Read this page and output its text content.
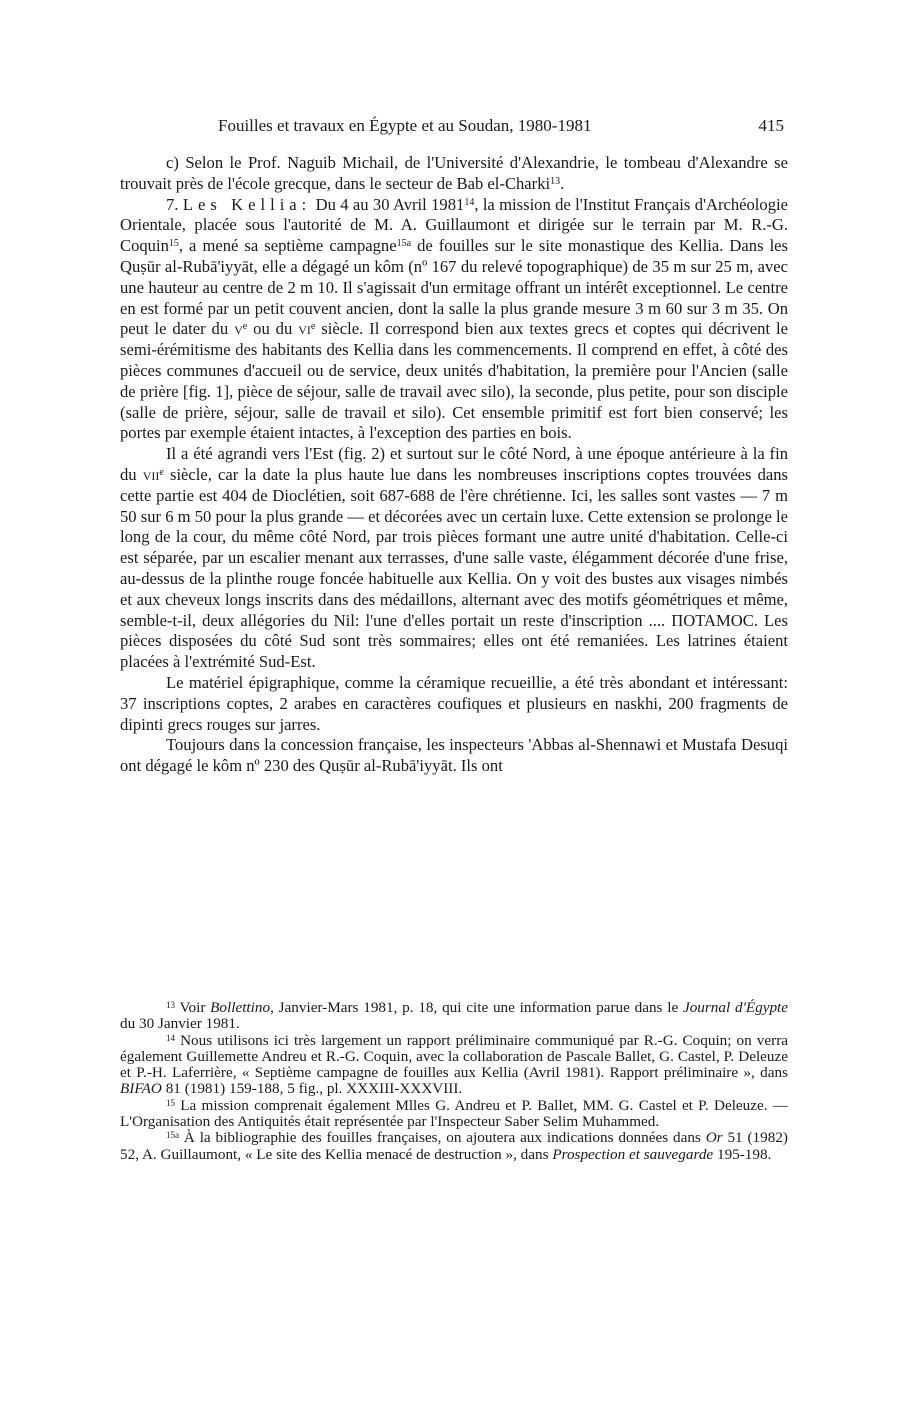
Fouilles et travaux en Égypte et au Soudan, 1980-1981	415

c) Selon le Prof. Naguib Michail, de l'Université d'Alexandrie, le tombeau d'Alexandre se trouvait près de l'école grecque, dans le secteur de Bab el-Charki$^{13}$.

7. Les Kellia: Du 4 au 30 Avril 1981$^{14}$, la mission de l'Institut Français d'Archéologie Orientale, placée sous l'autorité de M. A. Guillaumont et dirigée sur le terrain par M. R.-G. Coquin$^{15}$, a mené sa septième campagne$^{15a}$ de fouilles sur le site monastique des Kellia. Dans les Quṣūr al-Rubā'iyyāt, elle a dégagé un kôm (nº 167 du relevé topographique) de 35 m sur 25 m, avec une hauteur au centre de 2 m 10. Il s'agissait d'un ermitage offrant un intérêt exceptionnel. Le centre en est formé par un petit couvent ancien, dont la salle la plus grande mesure 3 m 60 sur 3 m 35. On peut le dater du $v^e$ ou du $vi^e$ siècle. Il correspond bien aux textes grecs et coptes qui décrivent le semi-érémitisme des habitants des Kellia dans les commencements. Il comprend en effet, à côté des pièces communes d'accueil ou de service, deux unités d'habitation, la première pour l'Ancien (salle de prière [fig. 1], pièce de séjour, salle de travail avec silo), la seconde, plus petite, pour son disciple (salle de prière, séjour, salle de travail et silo). Cet ensemble primitif est fort bien conservé; les portes par exemple étaient intactes, à l'exception des parties en bois.

Il a été agrandi vers l'Est (fig. 2) et surtout sur le côté Nord, à une époque antérieure à la fin du vii$^e$ siècle, car la date la plus haute lue dans les nombreuses inscriptions coptes trouvées dans cette partie est 404 de Dioclétien, soit 687-688 de l'ère chrétienne. Ici, les salles sont vastes — 7 m 50 sur 6 m 50 pour la plus grande — et décorées avec un certain luxe. Cette extension se prolonge le long de la cour, du même côté Nord, par trois pièces formant une autre unité d'habitation. Celle-ci est séparée, par un escalier menant aux terrasses, d'une salle vaste, élégamment décorée d'une frise, au-dessus de la plinthe rouge foncée habituelle aux Kellia. On y voit des bustes aux visages nimbés et aux cheveux longs inscrits dans des médaillons, alternant avec des motifs géométriques et même, semble-t-il, deux allégories du Nil: l'une d'elles portait un reste d'inscription .... ΠΟΤΑΜΟC. Les pièces disposées du côté Sud sont très sommaires; elles ont été remaniées. Les latrines étaient placées à l'extrémité Sud-Est.

Le matériel épigraphique, comme la céramique recueillie, a été très abondant et intéressant: 37 inscriptions coptes, 2 arabes en caractères coufiques et plusieurs en naskhi, 200 fragments de dipinti grecs rouges sur jarres.

Toujours dans la concession française, les inspecteurs 'Abbas al-Shennawi et Mustafa Desuqi ont dégagé le kôm nº 230 des Quṣūr al-Rubā'iyyāt. Ils ont

$^{13}$ Voir Bollettino, Janvier-Mars 1981, p. 18, qui cite une information parue dans le Journal d'Égypte du 30 Janvier 1981.

$^{14}$ Nous utilisons ici très largement un rapport préliminaire communiqué par R.-G. Coquin; on verra également Guillemette Andreu et R.-G. Coquin, avec la collaboration de Pascale Ballet, G. Castel, P. Deleuze et P.-H. Laferrière, « Septième campagne de fouilles aux Kellia (Avril 1981). Rapport préliminaire », dans BIFAO 81 (1981) 159-188, 5 fig., pl. XXXIII-XXXVIII.

$^{15}$ La mission comprenait également Mlles G. Andreu et P. Ballet, MM. G. Castel et P. Deleuze. — L'Organisation des Antiquités était représentée par l'Inspecteur Saber Selim Muhammed.

$^{15a}$ À la bibliographie des fouilles françaises, on ajoutera aux indications données dans Or 51 (1982) 52, A. Guillaumont, « Le site des Kellia menacé de destruction », dans Prospection et sauvegarde 195-198.
